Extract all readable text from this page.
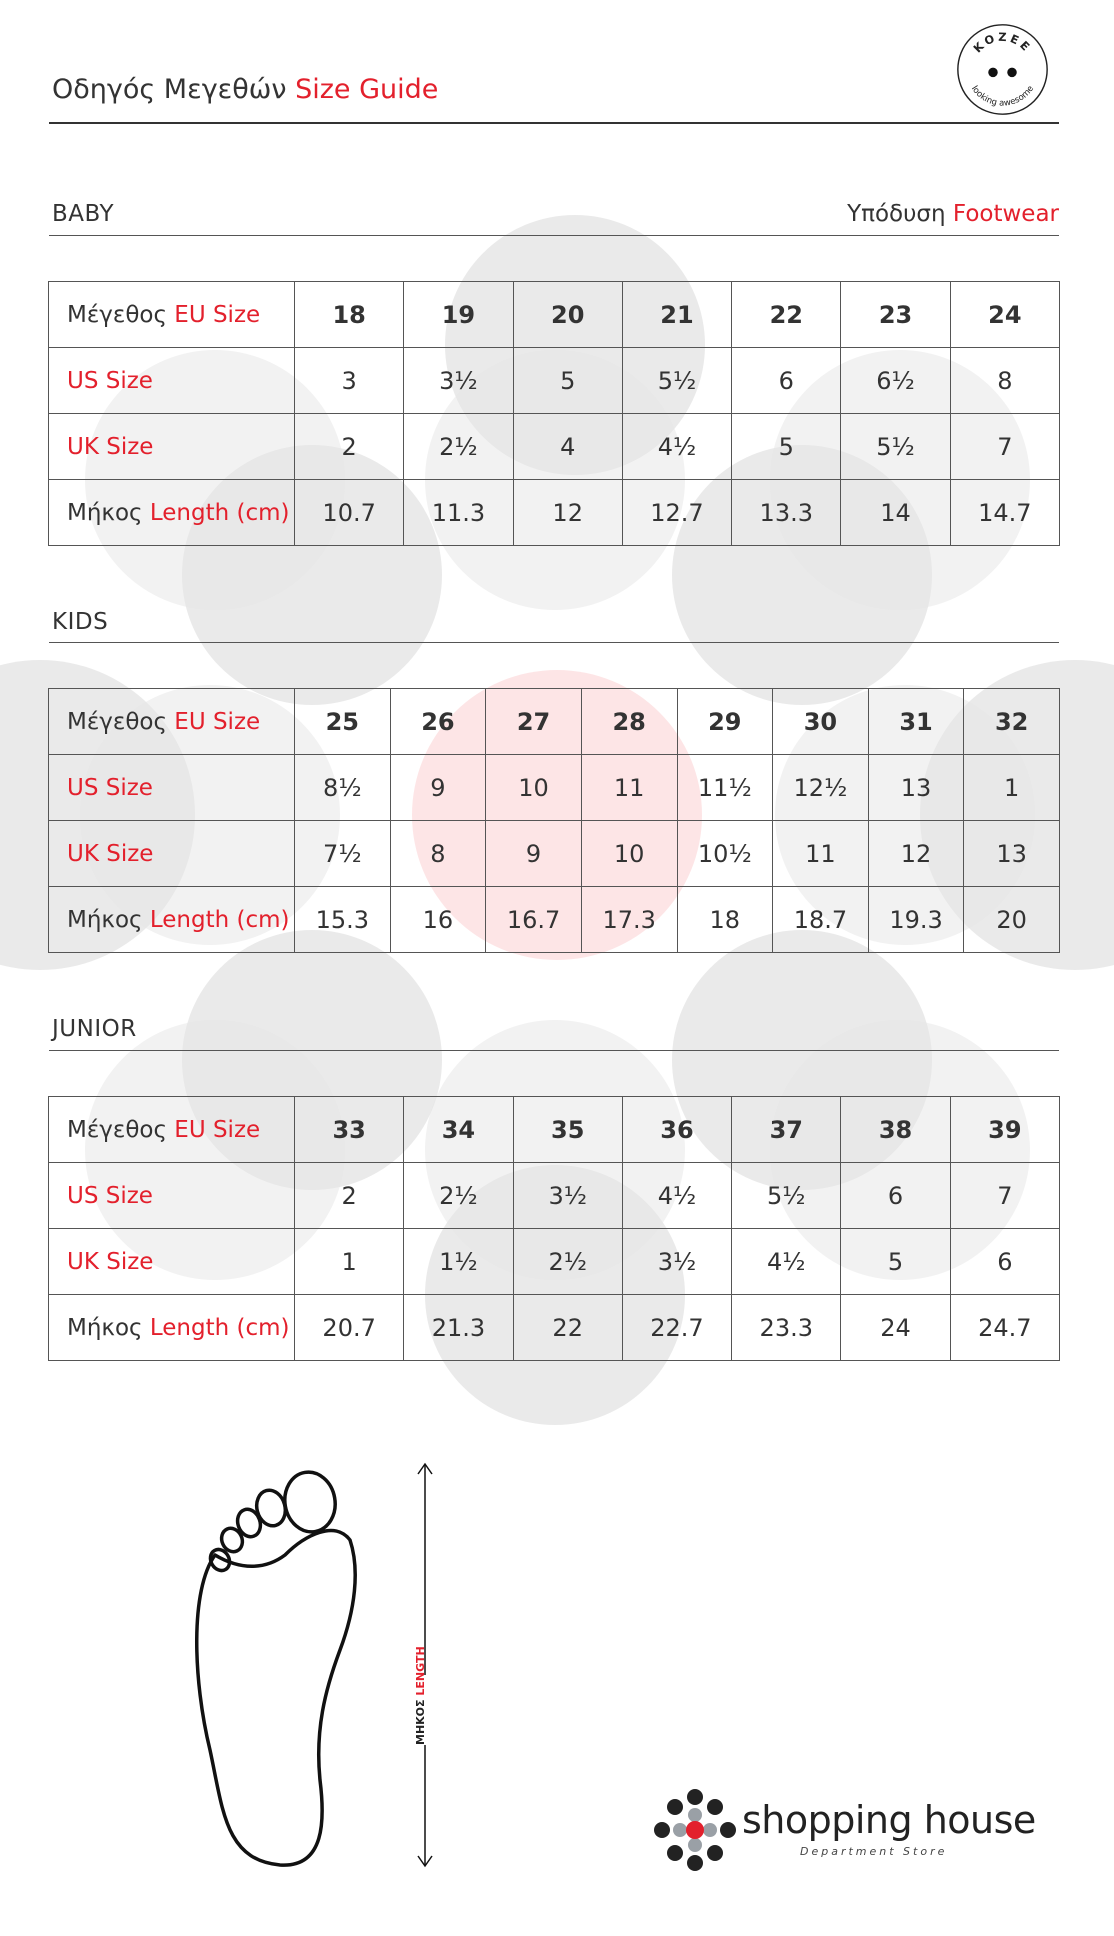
Οδηγός Μεγεθών Size Guide
KOZEE
looking awesome
BABY	Υπόδυση Footwear
Μέγεθος EU Size	18	19	20	21	22	23	24
US Size	3	3½	5	5½	6	6½	8
UK Size	2	2½	4	4½	5	5½	7
Μήκος Length (cm)	10.7	11.3	12	12.7	13.3	14	14.7
KIDS
Μέγεθος EU Size	25	26	27	28	29	30	31	32
US Size	8½	9	10	11	11½	12½	13	1
UK Size	7½	8	9	10	10½	11	12	13
Μήκος Length (cm)	15.3	16	16.7	17.3	18	18.7	19.3	20
JUNIOR
Μέγεθος EU Size	33	34	35	36	37	38	39
US Size	2	2½	3½	4½	5½	6	7
UK Size	1	1½	2½	3½	4½	5	6
Μήκος Length (cm)	20.7	21.3	22	22.7	23.3	24	24.7
ΜΗΚΟΣ LENGTH
shopping house
Department Store
